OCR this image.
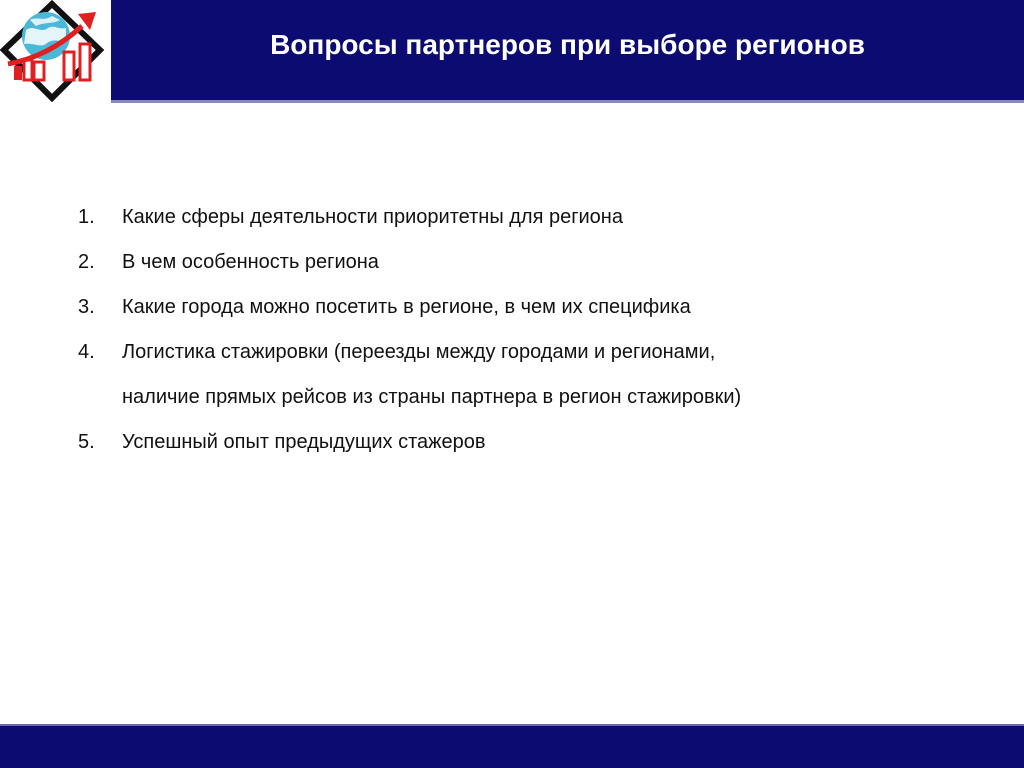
Вопросы партнеров при выборе регионов
1.	Какие сферы деятельности приоритетны для региона
2.	В чем особенность региона
3.	Какие города можно посетить в регионе, в чем их специфика
4.	Логистика стажировки (переезды между городами и регионами,
наличие прямых рейсов из страны партнера в регион стажировки)
5.	Успешный опыт предыдущих стажеров
